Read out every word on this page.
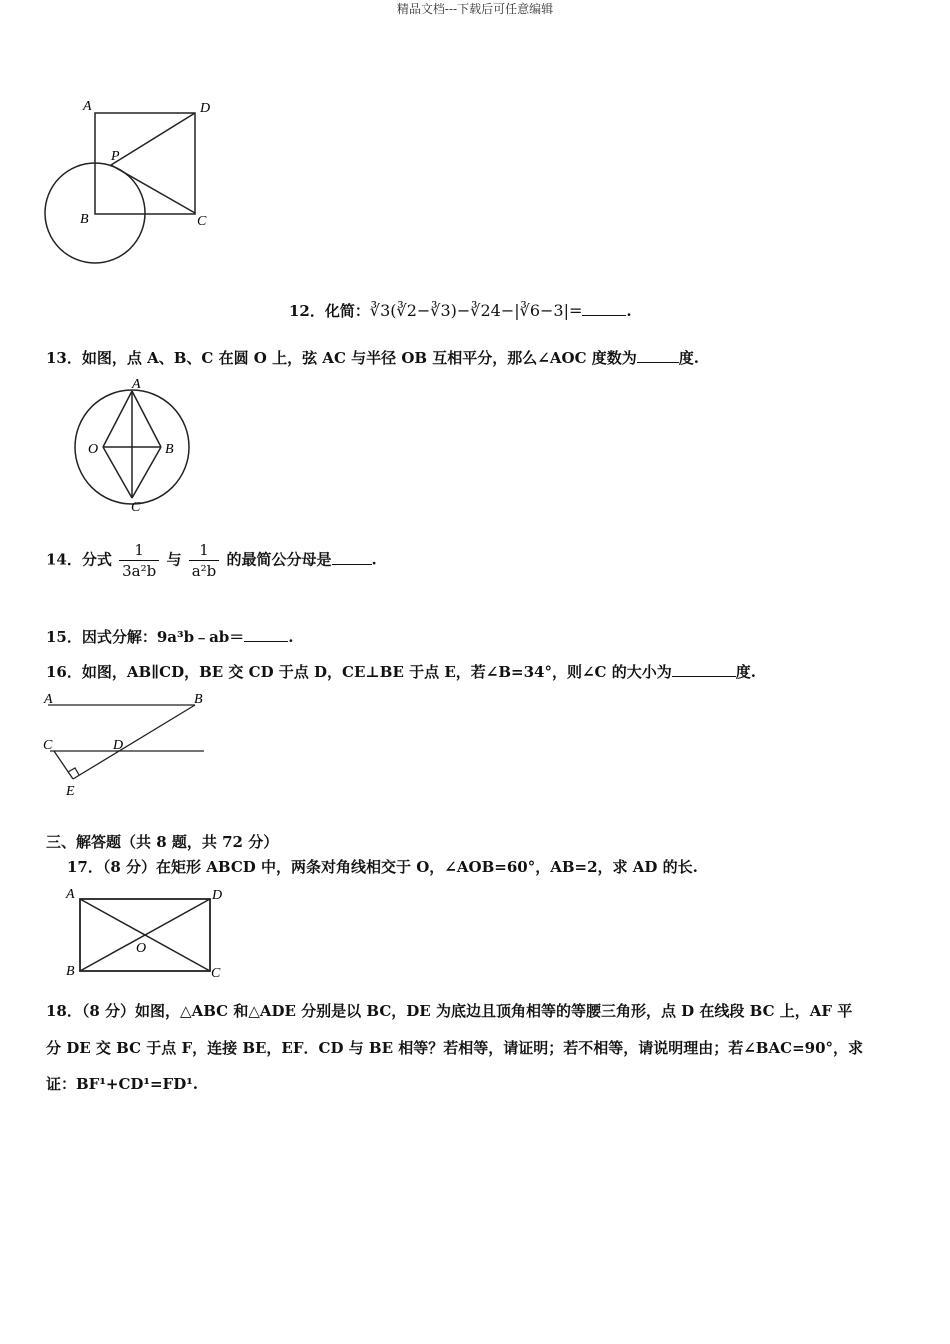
精品文档---下载后可任意编辑
A	D
P
B	C
12．化简：∛3(∛2−∛3)−∛24−|∛6−3|=	.
13．如图，点 A、B、C 在圆 O 上，弦 AC 与半径 OB 互相平分，那么∠AOC 度数为	度.
A
O	B
C
14．分式 $\frac{1}{\text{3a²b}}$ 与 $\frac{1}{\text{a²b}}$ 的最简公分母是	.
15．因式分解：9a³b﹣ab＝	.
16．如图，AB∥CD，BE 交 CD 于点 D，CE⊥BE 于点 E，若∠B=34°，则∠C 的大小为	度.
A	B
C	D
E
三、解答题（共 8 题，共 72 分）
17．（8 分）在矩形 ABCD 中，两条对角线相交于 O，∠AOB=60°，AB=2，求 AD 的长.
A	D
O
B	C
18．（8 分）如图，△ABC 和△ADE 分别是以 BC，DE 为底边且顶角相等的等腰三角形，点 D 在线段 BC 上，AF 平
分 DE 交 BC 于点 F，连接 BE，EF．CD 与 BE 相等？若相等，请证明；若不相等，请说明理由；若∠BAC=90°，求
证：BF¹+CD¹=FD¹.
